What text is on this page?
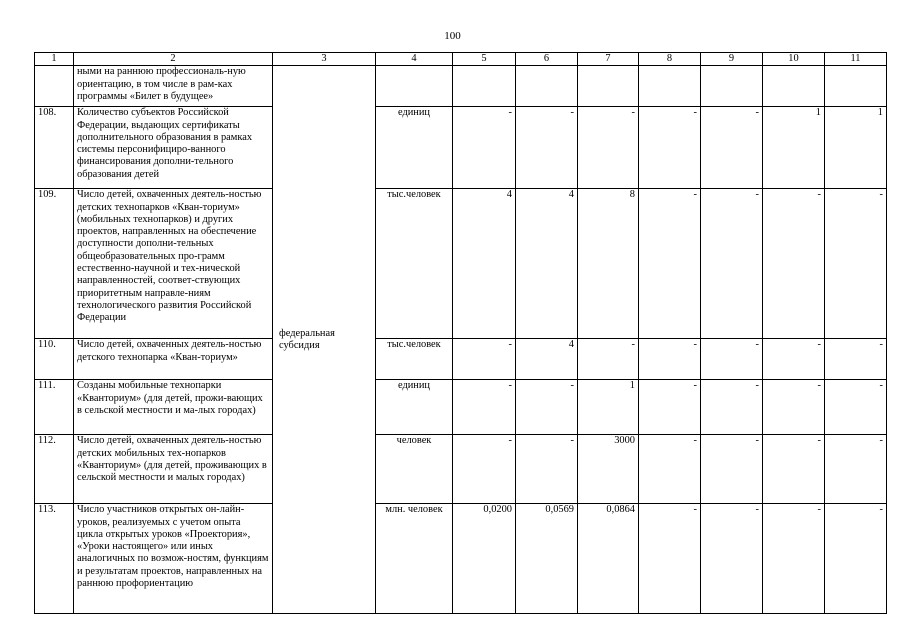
100
1	2	3	4	5	6	7	8	9	10	11
	ными на раннюю профессиональ-ную ориентацию, в том числе в рам-ках программы «Билет в будущее»	федеральная субсидия								
108.	Количество субъектов Российской Федерации, выдающих сертификаты дополнительного образования в рамках системы персонифициро-ванного финансирования дополни-тельного образования детей		единиц	-	-	-	-	-	1	1
109.	Число детей, охваченных деятель-ностью детских технопарков «Кван-ториум» (мобильных технопарков) и других проектов, направленных на обеспечение доступности дополни-тельных общеобразовательных про-грамм естественно-научной и тех-нической направленностей, соответ-ствующих приоритетным направле-ниям технологического развития Российской Федерации		тыс.человек	4	4	8	-	-	-	-
110.	Число детей, охваченных деятель-ностью детского технопарка «Кван-ториум»		тыс.человек	-	4	-	-	-	-	-
111.	Созданы мобильные технопарки «Кванториум» (для детей, прожи-вающих в сельской местности и ма-лых городах)		единиц	-	-	1	-	-	-	-
112.	Число детей, охваченных деятель-ностью детских мобильных тех-нопарков «Кванториум» (для детей, проживающих в сельской местности и малых городах)		человек	-	-	3000	-	-	-	-
113.	Число участников открытых он-лайн-уроков, реализуемых с учетом опыта цикла открытых уроков «Проектория», «Уроки настоящего» или иных аналогичных по возмож-ностям, функциям и результатам проектов, направленных на раннюю профориентацию		млн. человек	0,0200	0,0569	0,0864	-	-	-	-
